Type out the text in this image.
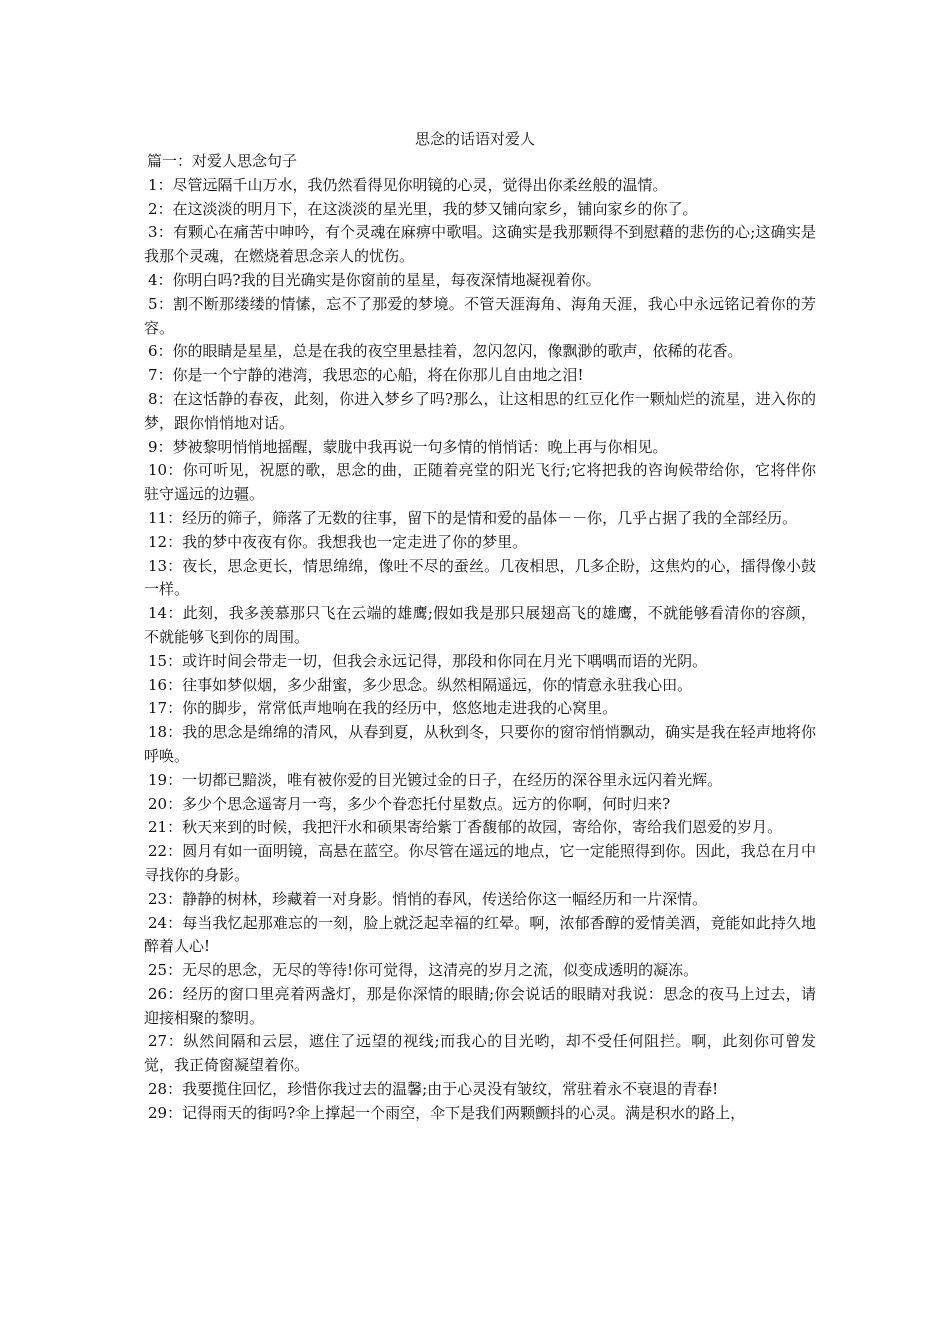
思念的话语对爱人

篇一：对爱人思念句子

1：尽管远隔千山万水，我仍然看得见你明镜的心灵，觉得出你柔丝般的温情。

2：在这淡淡的明月下，在这淡淡的星光里，我的梦又铺向家乡，铺向家乡的你了。

3：有颗心在痛苦中呻吟，有个灵魂在麻痹中歌唱。这确实是我那颗得不到慰藉的悲伤的心;这确实是我那个灵魂，在燃烧着思念亲人的忧伤。

4：你明白吗?我的目光确实是你窗前的星星，每夜深情地凝视着你。

5：割不断那缕缕的情愫，忘不了那爱的梦境。不管天涯海角、海角天涯，我心中永远铭记着你的芳容。

6：你的眼睛是星星，总是在我的夜空里悬挂着，忽闪忽闪，像飘渺的歌声，依稀的花香。

7：你是一个宁静的港湾，我思恋的心船，将在你那儿自由地之泪!

8：在这恬静的春夜，此刻，你进入梦乡了吗?那么，让这相思的红豆化作一颗灿烂的流星，进入你的梦，跟你悄悄地对话。

9：梦被黎明悄悄地摇醒，蒙胧中我再说一句多情的悄悄话：晚上再与你相见。

10：你可听见，祝愿的歌，思念的曲，正随着亮堂的阳光飞行;它将把我的咨询候带给你，它将伴你驻守遥远的边疆。

11：经历的筛子，筛落了无数的往事，留下的是情和爱的晶体－－你，几乎占据了我的全部经历。

12：我的梦中夜夜有你。我想我也一定走进了你的梦里。

13：夜长，思念更长，情思绵绵，像吐不尽的蚕丝。几夜相思，几多企盼，这焦灼的心，擂得像小鼓一样。

14：此刻，我多羡慕那只飞在云端的雄鹰;假如我是那只展翅高飞的雄鹰，不就能够看清你的容颜，不就能够飞到你的周围。

15：或许时间会带走一切，但我会永远记得，那段和你同在月光下喁喁而语的光阴。

16：往事如梦似烟，多少甜蜜，多少思念。纵然相隔遥远，你的情意永驻我心田。

17：你的脚步，常常低声地响在我的经历中，悠悠地走进我的心窝里。

18：我的思念是绵绵的清风，从春到夏，从秋到冬，只要你的窗帘悄悄飘动，确实是我在轻声地将你呼唤。

19：一切都已黯淡，唯有被你爱的目光镀过金的日子，在经历的深谷里永远闪着光辉。

20：多少个思念遥寄月一弯，多少个眷恋托付星数点。远方的你啊，何时归来?

21：秋天来到的时候，我把汗水和硕果寄给紫丁香馥郁的故园，寄给你，寄给我们恩爱的岁月。

22：圆月有如一面明镜，高悬在蓝空。你尽管在遥远的地点，它一定能照得到你。因此，我总在月中寻找你的身影。

23：静静的树林，珍藏着一对身影。悄悄的春风，传送给你这一幅经历和一片深情。

24：每当我忆起那难忘的一刻，脸上就泛起幸福的红晕。啊，浓郁香醇的爱情美酒，竟能如此持久地醉着人心!

25：无尽的思念，无尽的等待!你可觉得，这清亮的岁月之流，似变成透明的凝冻。

26：经历的窗口里亮着两盏灯，那是你深情的眼睛;你会说话的眼睛对我说：思念的夜马上过去，请迎接相聚的黎明。

27：纵然间隔和云层，遮住了远望的视线;而我心的目光哟，却不受任何阻拦。啊，此刻你可曾发觉，我正倚窗凝望着你。

28：我要揽住回忆，珍惜你我过去的温馨;由于心灵没有皱纹，常驻着永不衰退的青春!

29：记得雨天的街吗?伞上撑起一个雨空，伞下是我们两颗颤抖的心灵。满是积水的路上，
